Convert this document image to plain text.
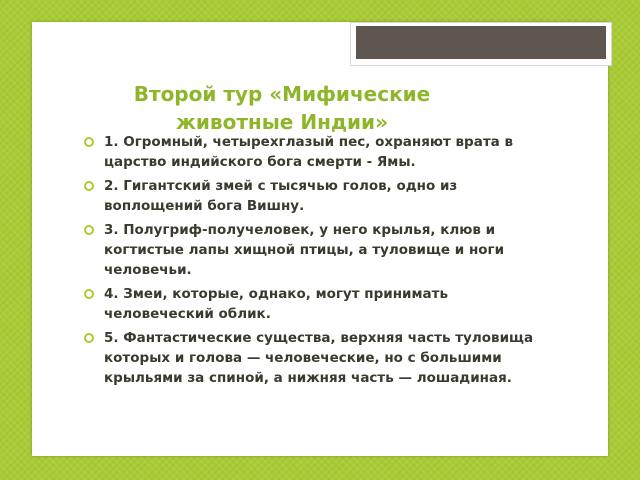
Второй тур «Мифические
животные Индии»
1. Огромный, четырехглазый пес, охраняют врата в царство индийского бога смерти - Ямы.
2. Гигантский змей с тысячью голов, одно из воплощений бога Вишну.
3. Полугриф-получеловек, у него крылья, клюв и когтистые лапы хищной птицы, а туловище и ноги человечьи.
4. Змеи, которые, однако, могут принимать человеческий облик.
5. Фантастические существа, верхняя часть туловища которых и голова — человеческие, но с большими крыльями за спиной, а нижняя часть — лошадиная.
